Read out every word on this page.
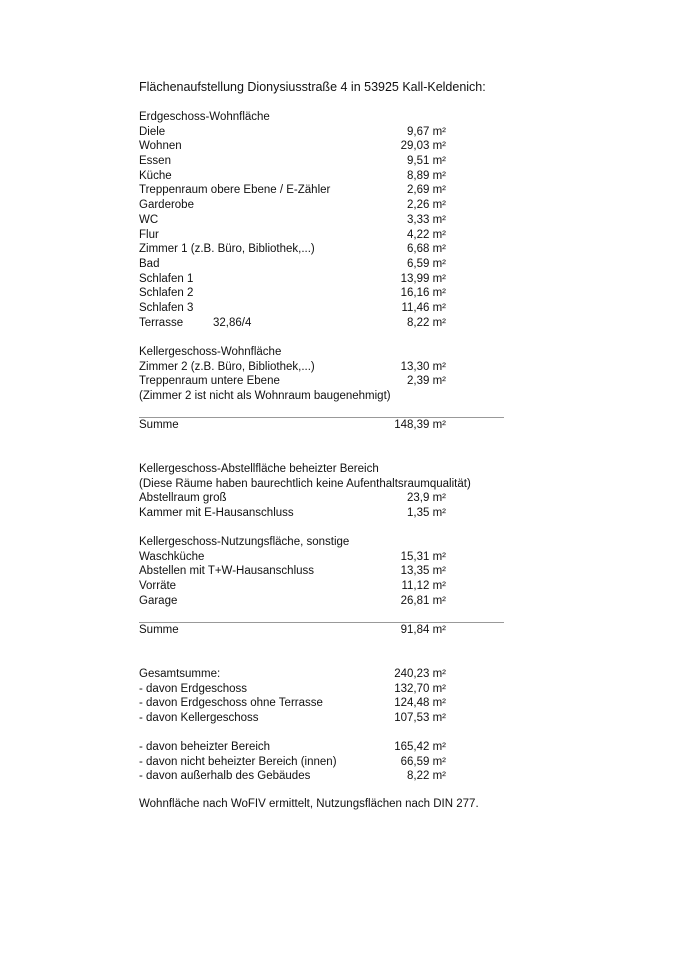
Flächenaufstellung Dionysiusstraße 4 in 53925 Kall-Keldenich:
Erdgeschoss-Wohnfläche
Diele	9,67 m²
Wohnen	29,03 m²
Essen	9,51 m²
Küche	8,89 m²
Treppenraum obere Ebene / E-Zähler	2,69 m²
Garderobe	2,26 m²
WC	3,33 m²
Flur	4,22 m²
Zimmer 1 (z.B. Büro, Bibliothek,...)	6,68 m²
Bad	6,59 m²
Schlafen 1	13,99 m²
Schlafen 2	16,16 m²
Schlafen 3	11,46 m²
Terrasse	32,86/4	8,22 m²
Kellergeschoss-Wohnfläche
Zimmer 2 (z.B. Büro, Bibliothek,...)	13,30 m²
Treppenraum untere Ebene	2,39 m²
(Zimmer 2 ist nicht als Wohnraum baugenehmigt)
Summe	148,39 m²
Kellergeschoss-Abstellfläche beheizter Bereich
(Diese Räume haben baurechtlich keine Aufenthaltsraumqualität)
Abstellraum groß	23,9 m²
Kammer mit E-Hausanschluss	1,35 m²
Kellergeschoss-Nutzungsfläche, sonstige
Waschküche	15,31 m²
Abstellen mit T+W-Hausanschluss	13,35 m²
Vorräte	11,12 m²
Garage	26,81 m²
Summe	91,84 m²
Gesamtsumme:	240,23 m²
- davon Erdgeschoss	132,70 m²
- davon Erdgeschoss ohne Terrasse	124,48 m²
- davon Kellergeschoss	107,53 m²
- davon beheizter Bereich	165,42 m²
- davon nicht beheizter Bereich (innen)	66,59 m²
- davon außerhalb des Gebäudes	8,22 m²
Wohnfläche nach WoFIV ermittelt, Nutzungsflächen nach DIN 277.
